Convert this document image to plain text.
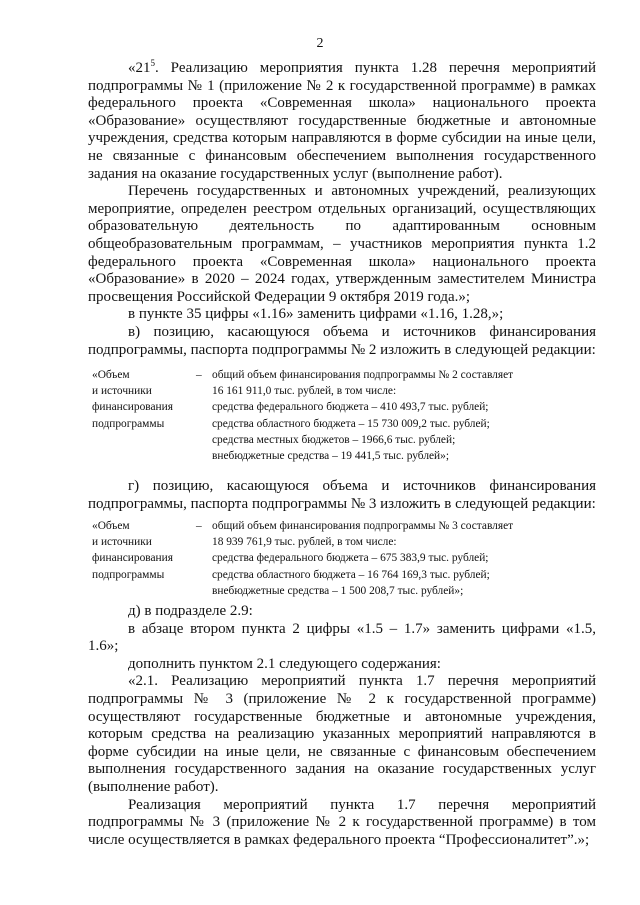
2

«$21^5$. Реализацию мероприятия пункта 1.28 перечня мероприятий подпрограммы № 1 (приложение № 2 к государственной программе) в рамках федерального проекта «Современная школа» национального проекта «Образование» осуществляют государственные бюджетные и автономные учреждения, средства которым направляются в форме субсидии на иные цели, не связанные с финансовым обеспечением выполнения государственного задания на оказание государственных услуг (выполнение работ).

Перечень государственных и автономных учреждений, реализующих мероприятие, определен реестром отдельных организаций, осуществляющих образовательную деятельность по адаптированным основным общеобразовательным программам, – участников мероприятия пункта 1.2 федерального проекта «Современная школа» национального проекта «Образование» в 2020 – 2024 годах, утвержденным заместителем Министра просвещения Российской Федерации 9 октября 2019 года.»;

в пункте 35 цифры «1.16» заменить цифрами «1.16, 1.28,»;

в) позицию, касающуюся объема и источников финансирования подпрограммы, паспорта подпрограммы № 2 изложить в следующей редакции:

«Объем
и источники
финансирования
подпрограммы
– общий объем финансирования подпрограммы № 2 составляет
16 161 911,0 тыс. рублей, в том числе:
средства федерального бюджета – 410 493,7 тыс. рублей;
средства областного бюджета – 15 730 009,2 тыс. рублей;
средства местных бюджетов – 1966,6 тыс. рублей;
внебюджетные средства – 19 441,5 тыс. рублей»;

г) позицию, касающуюся объема и источников финансирования подпрограммы, паспорта подпрограммы № 3 изложить в следующей редакции:

«Объем
и источники
финансирования
подпрограммы
– общий объем финансирования подпрограммы № 3 составляет
18 939 761,9 тыс. рублей, в том числе:
средства федерального бюджета – 675 383,9 тыс. рублей;
средства областного бюджета – 16 764 169,3 тыс. рублей;
внебюджетные средства – 1 500 208,7 тыс. рублей»;

д) в подразделе 2.9:

в абзаце втором пункта 2 цифры «1.5 – 1.7» заменить цифрами «1.5, 1.6»;

дополнить пунктом 2.1 следующего содержания:

«2.1. Реализацию мероприятий пункта 1.7 перечня мероприятий подпрограммы № 3 (приложение № 2 к государственной программе) осуществляют государственные бюджетные и автономные учреждения, которым средства на реализацию указанных мероприятий направляются в форме субсидии на иные цели, не связанные с финансовым обеспечением выполнения государственного задания на оказание государственных услуг (выполнение работ).

Реализация мероприятий пункта 1.7 перечня мероприятий подпрограммы № 3 (приложение № 2 к государственной программе) в том числе осуществляется в рамках федерального проекта “Профессионалитет”.»;
